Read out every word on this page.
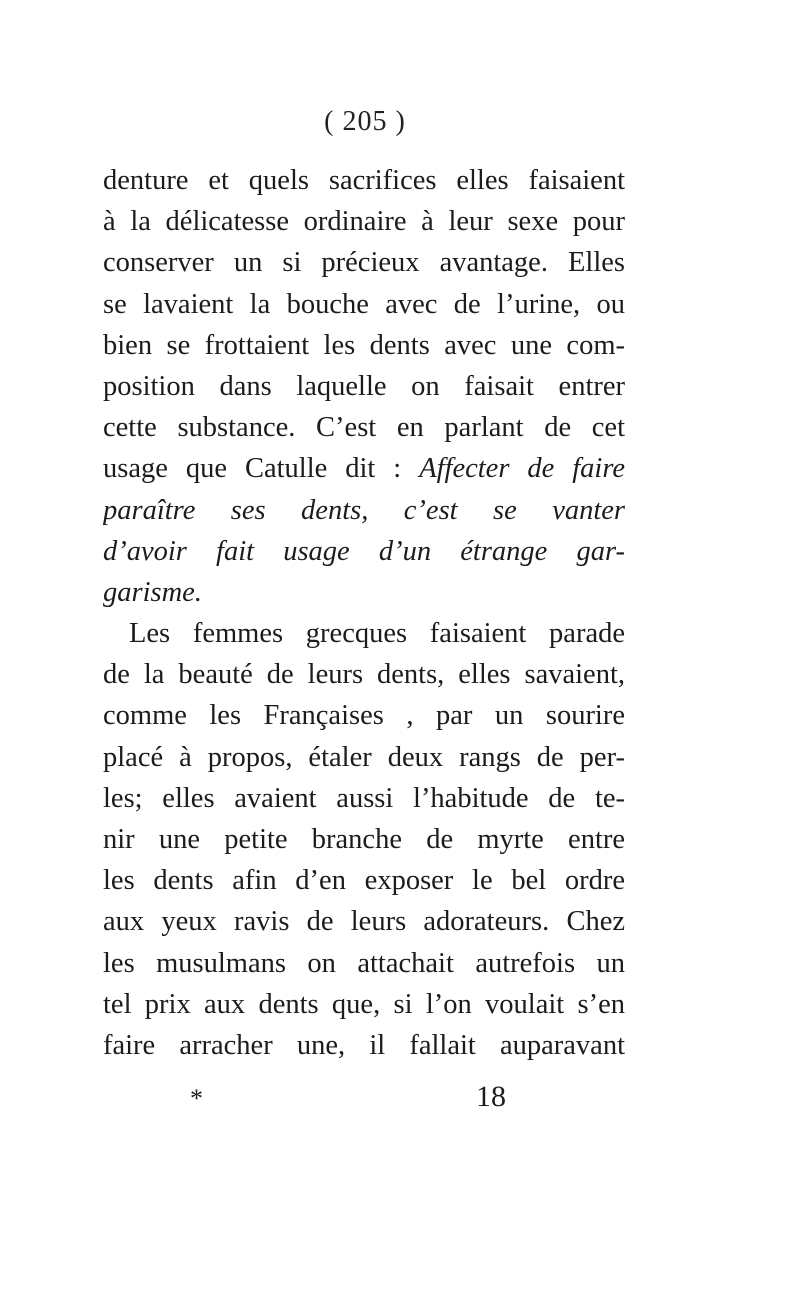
( 205 )
denture et quels sacrifices elles faisaient
à la délicatesse ordinaire à leur sexe pour
conserver un si précieux avantage. Elles
se lavaient la bouche avec de l’urine, ou
bien se frottaient les dents avec une com-
position dans laquelle on faisait entrer
cette substance. C’est en parlant de cet
usage que Catulle dit : Affecter de faire
paraître ses dents, c’est se vanter
d’avoir fait usage d’un étrange gar-
garisme.
Les femmes grecques faisaient parade
de la beauté de leurs dents, elles savaient,
comme les Françaises , par un sourire
placé à propos, étaler deux rangs de per-
les; elles avaient aussi l’habitude de te-
nir une petite branche de myrte entre
les dents afin d’en exposer le bel ordre
aux yeux ravis de leurs adorateurs. Chez
les musulmans on attachait autrefois un
tel prix aux dents que, si l’on voulait s’en
faire arracher une, il fallait auparavant
*	18
